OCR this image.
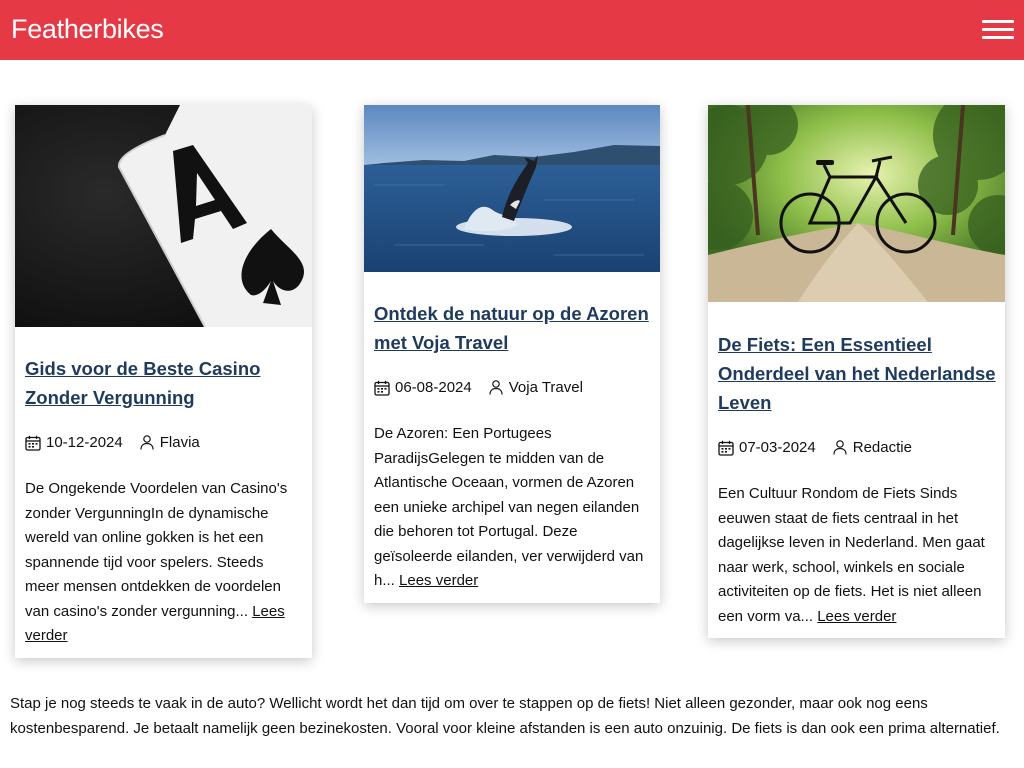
Featherbikes
Gids voor de Beste Casino Zonder Vergunning
10-12-2024 Flavia
De Ongekende Voordelen van Casino's zonder VergunningIn de dynamische wereld van online gokken is het een spannende tijd voor spelers. Steeds meer mensen ontdekken de voordelen van casino's zonder vergunning... Lees verder
Ontdek de natuur op de Azoren met Voja Travel
06-08-2024 Voja Travel
De Azoren: Een Portugees ParadijsGelegen te midden van de Atlantische Oceaan, vormen de Azoren een unieke archipel van negen eilanden die behoren tot Portugal. Deze geïsoleerde eilanden, ver verwijderd van h... Lees verder
De Fiets: Een Essentieel Onderdeel van het Nederlandse Leven
07-03-2024 Redactie
Een Cultuur Rondom de Fiets Sinds eeuwen staat de fiets centraal in het dagelijkse leven in Nederland. Men gaat naar werk, school, winkels en sociale activiteiten op de fiets. Het is niet alleen een vorm va... Lees verder
Stap je nog steeds te vaak in de auto? Wellicht wordt het dan tijd om over te stappen op de fiets! Niet alleen gezonder, maar ook nog eens kostenbesparend. Je betaalt namelijk geen bezinekosten. Vooral voor kleine afstanden is een auto onzuinig. De fiets is dan ook een prima alternatief.
